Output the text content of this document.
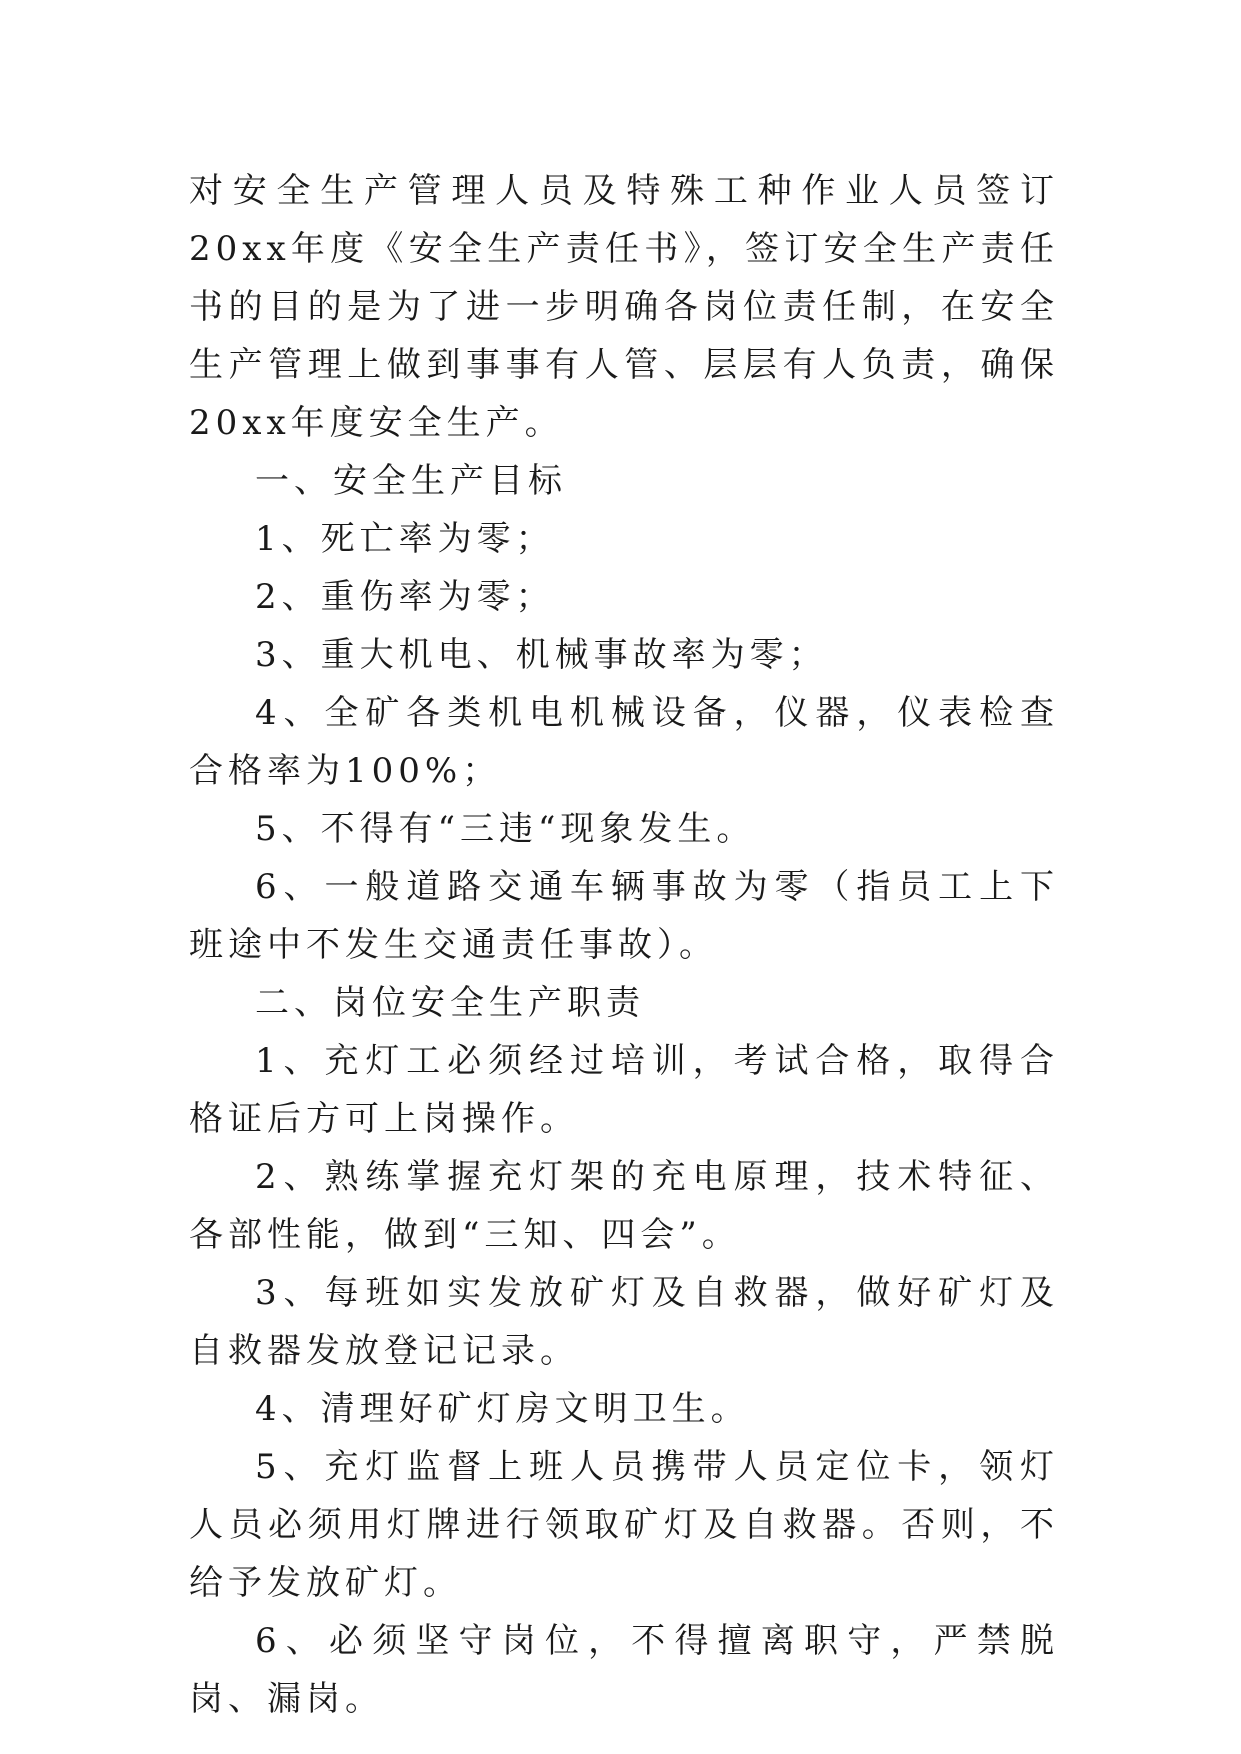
对安全生产管理人员及特殊工种作业人员签订20xx年度《安全生产责任书》，签订安全生产责任书的目的是为了进一步明确各岗位责任制，在安全生产管理上做到事事有人管、层层有人负责，确保20xx年度安全生产。

一、安全生产目标

1、死亡率为零；

2、重伤率为零；

3、重大机电、机械事故率为零；

4、全矿各类机电机械设备，仪器，仪表检查合格率为100%；

5、不得有“三违“现象发生。

6、一般道路交通车辆事故为零（指员工上下班途中不发生交通责任事故）。

二、岗位安全生产职责

1、充灯工必须经过培训，考试合格，取得合格证后方可上岗操作。

2、熟练掌握充灯架的充电原理，技术特征、各部性能，做到“三知、四会”。

3、每班如实发放矿灯及自救器，做好矿灯及自救器发放登记记录。

4、清理好矿灯房文明卫生。

5、充灯监督上班人员携带人员定位卡，领灯人员必须用灯牌进行领取矿灯及自救器。否则，不给予发放矿灯。

6、必须坚守岗位，不得擅离职守，严禁脱岗、漏岗。
